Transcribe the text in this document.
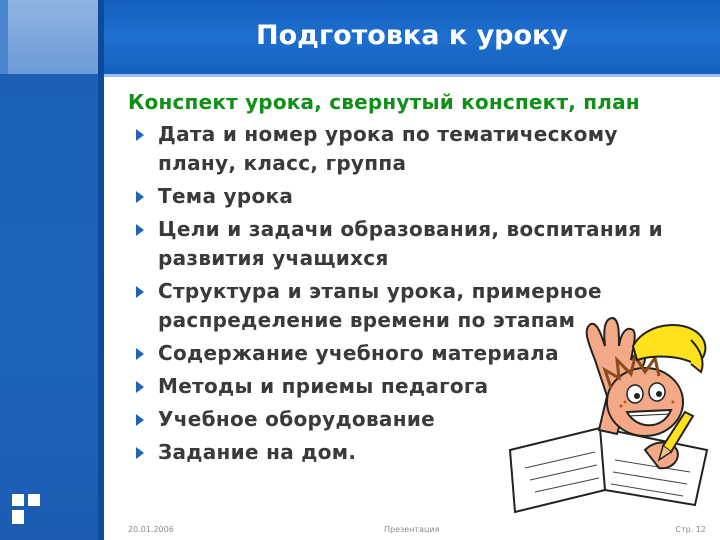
Подготовка к уроку
Конспект урока, свернутый конспект, план
Дата и номер урока по тематическому плану, класс, группа
Тема урока
Цели и задачи образования, воспитания и развития учащихся
Структура и этапы урока, примерное распределение времени по этапам
Содержание учебного материала
Методы и приемы педагога
Учебное оборудование
Задание на дом.
20.01.2006	Презентация	Стр. 12
